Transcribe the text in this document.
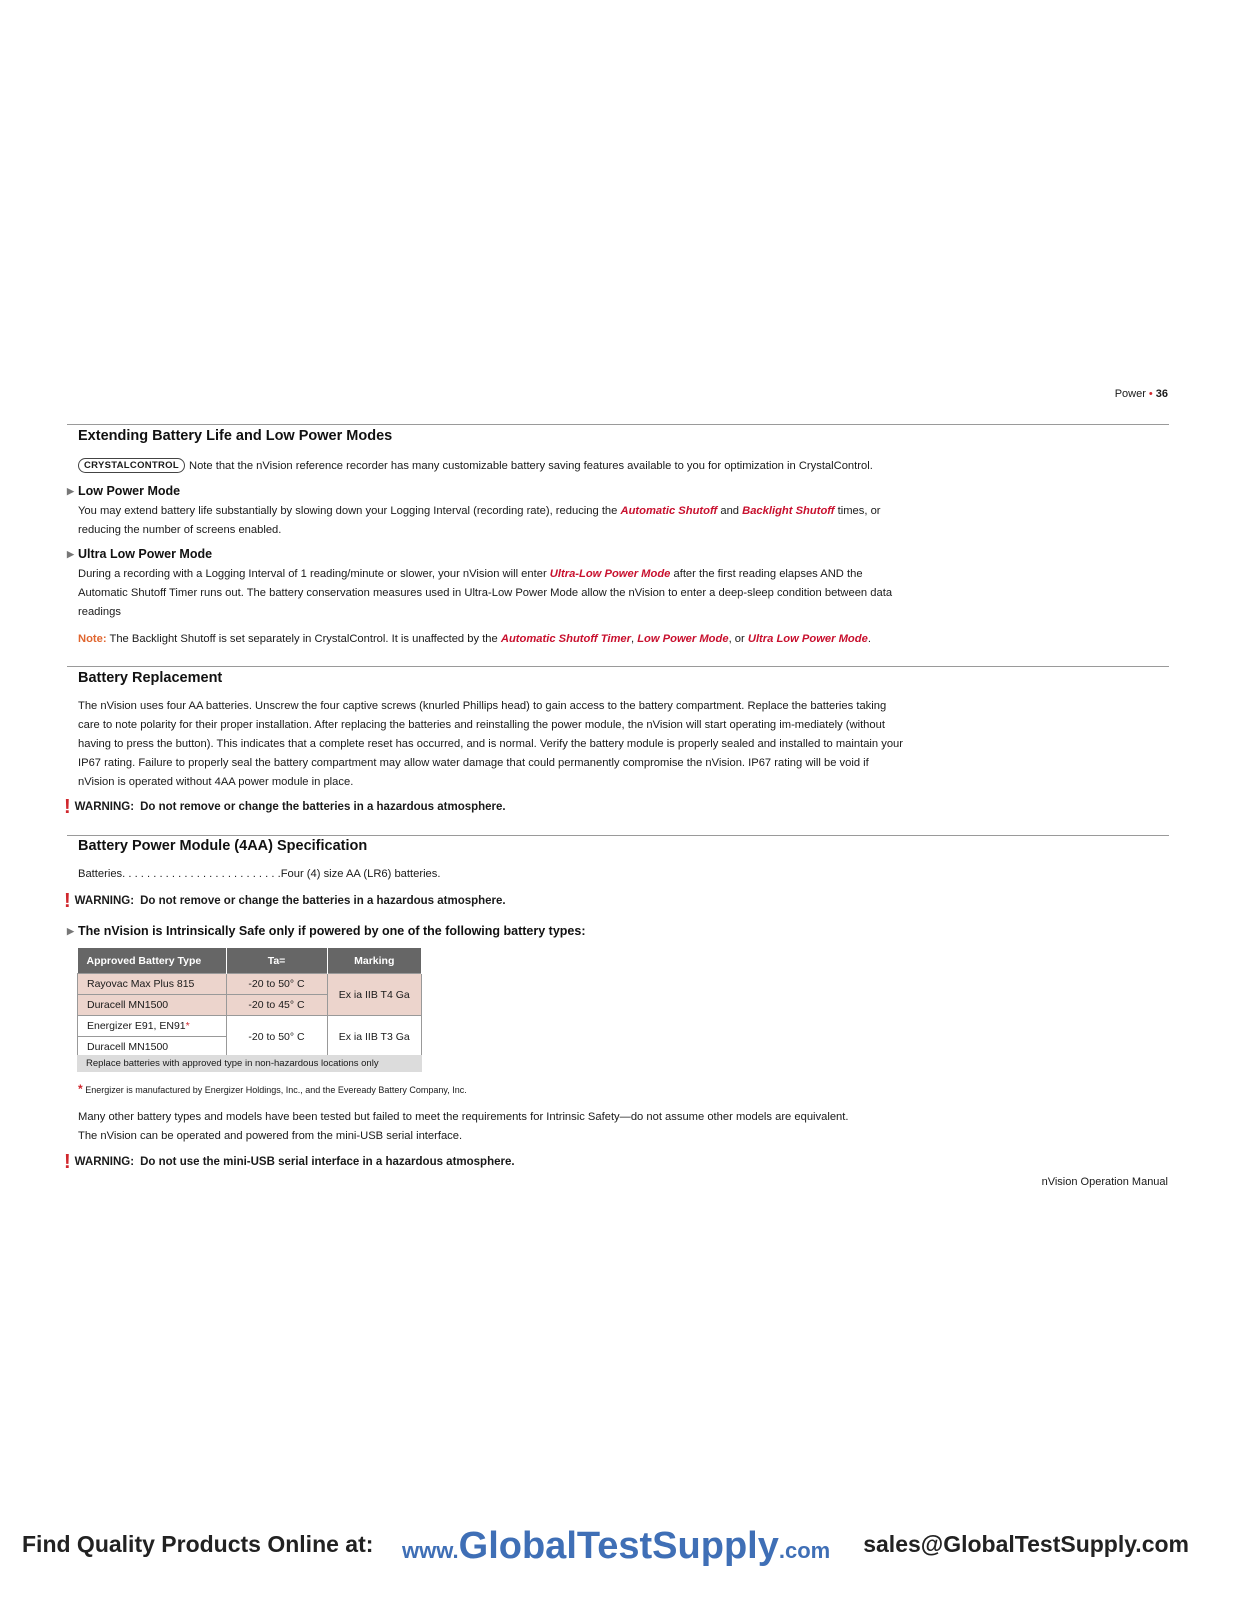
Power • 36
Extending Battery Life and Low Power Modes
CRYSTALCONTROL Note that the nVision reference recorder has many customizable battery saving features available to you for optimization in CrystalControl.
▶ Low Power Mode
You may extend battery life substantially by slowing down your Logging Interval (recording rate), reducing the Automatic Shutoff and Backlight Shutoff times, or reducing the number of screens enabled.
▶ Ultra Low Power Mode
During a recording with a Logging Interval of 1 reading/minute or slower, your nVision will enter Ultra-Low Power Mode after the first reading elapses AND the Automatic Shutoff Timer runs out. The battery conservation measures used in Ultra-Low Power Mode allow the nVision to enter a deep-sleep condition between data readings
Note: The Backlight Shutoff is set separately in CrystalControl. It is unaffected by the Automatic Shutoff Timer, Low Power Mode, or Ultra Low Power Mode.
Battery Replacement
The nVision uses four AA batteries. Unscrew the four captive screws (knurled Phillips head) to gain access to the battery compartment. Replace the batteries taking care to note polarity for their proper installation. After replacing the batteries and reinstalling the power module, the nVision will start operating im-mediately (without having to press the button). This indicates that a complete reset has occurred, and is normal. Verify the battery module is properly sealed and installed to maintain your IP67 rating. Failure to properly seal the battery compartment may allow water damage that could permanently compromise the nVision. IP67 rating will be void if nVision is operated without 4AA power module in place.
! WARNING: Do not remove or change the batteries in a hazardous atmosphere.
Battery Power Module (4AA) Specification
Batteries. . . . . . . . . . . . . . . . . . . . . . . . . .Four (4) size AA (LR6) batteries.
! WARNING: Do not remove or change the batteries in a hazardous atmosphere.
▶ The nVision is Intrinsically Safe only if powered by one of the following battery types:
Approved Battery Type	Ta=	Marking
Rayovac Max Plus 815	-20 to 50° C	Ex ia IIB T4 Ga
Duracell MN1500	-20 to 45° C	
Energizer E91, EN91*	-20 to 50° C	Ex ia IIB T3 Ga
Duracell MN1500		
Replace batteries with approved type in non-hazardous locations only
* Energizer is manufactured by Energizer Holdings, Inc., and the Eveready Battery Company, Inc.
Many other battery types and models have been tested but failed to meet the requirements for Intrinsic Safety—do not assume other models are equivalent.
The nVision can be operated and powered from the mini-USB serial interface.
! WARNING: Do not use the mini-USB serial interface in a hazardous atmosphere.
nVision Operation Manual
Find Quality Products Online at: www.GlobalTestSupply.com sales@GlobalTestSupply.com
